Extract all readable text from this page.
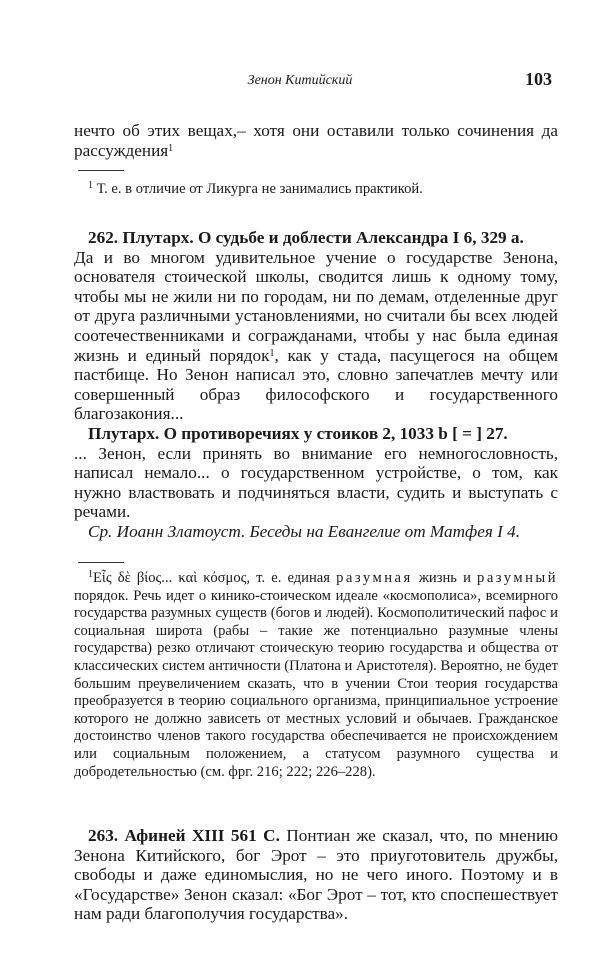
Зенон Китийский	103

нечто об этих вещах,– хотя они оставили только сочинения да рассуждения$^1$

$^1$ Т. е. в отличие от Ликурга не занимались практикой.

262. Плутарх. О судьбе и доблести Александра I 6, 329 а.

Да и во многом удивительное учение о государстве Зенона, основателя стоической школы, сводится лишь к одному тому, чтобы мы не жили ни по городам, ни по демам, отделенные друг от друга различными установлениями, но считали бы всех людей соотечественниками и согражданами, чтобы у нас была единая жизнь и единый порядок$^1$, как у стада, пасущегося на общем пастбище. Но Зенон написал это, словно запечатлев мечту или совершенный образ философского и государственного благозакония...

Плутарх. О противоречиях у стоиков 2, 1033 b [ = ] 27.

... Зенон, если принять во внимание его немногословность, написал немало... о государственном устройстве, о том, как нужно властвовать и подчиняться власти, судить и выступать с речами.

Ср. Иоанн Златоуст. Беседы на Евангелие от Матфея I 4.

$^1$Εἷς δὲ βίος... καὶ κόσμος, т. е. единая разумная жизнь и разумный порядок. Речь идет о кинико-стоическом идеале «космополиса», всемирного государства разумных существ (богов и людей). Космополитический пафос и социальная широта (рабы – такие же потенциально разумные члены государства) резко отличают стоическую теорию государства и общества от классических систем античности (Платона и Аристотеля). Вероятно, не будет большим преувеличением сказать, что в учении Стои теория государства преобразуется в теорию социального организма, принципиальное устроение которого не должно зависеть от местных условий и обычаев. Гражданское достоинство членов такого государства обеспечивается не происхождением или социальным положением, а статусом разумного существа и добродетельностью (см. фрг. 216; 222; 226–228).

263. Афиней XIII 561 C. Понтиан же сказал, что, по мнению Зенона Китийского, бог Эрот – это приуготовитель дружбы, свободы и даже единомыслия, но не чего иного. Поэтому и в «Государстве» Зенон сказал: «Бог Эрот – тот, кто споспешествует нам ради благополучия государства».
